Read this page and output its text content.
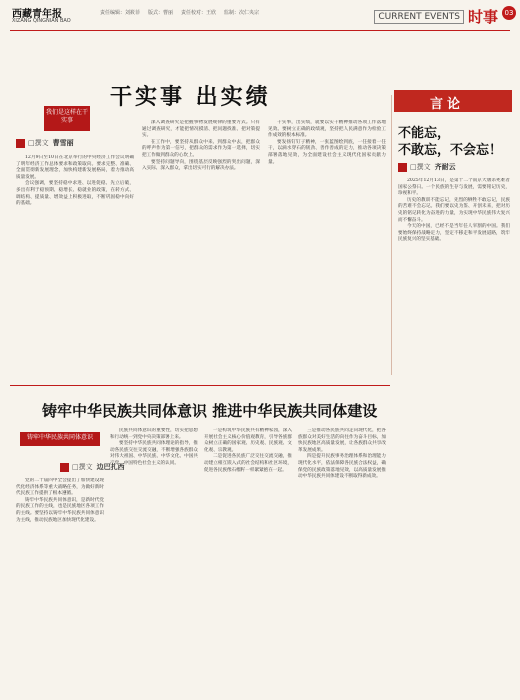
西藏青年报
XIZANG QINGNIAN BAO
责任编辑：刘筱菲 版式：曹丽 责任校对：王欣 监制：次仁央宗	CURRENT EVENTS 时事 03
干实事 出实绩
我们是这样在干实事
□撰文 曹雪丽

12月9日至10日在北京举行的中央经济工作会议明确了明年经济工作总体要求和政策取向。要求完整、准确、全面贯彻新发展理念，加快构建新发展格局，着力推动高质量发展。

会议强调，要坚持稳中求进、以进促稳、先立后破，多出有利于稳预期、稳增长、稳就业的政策，在转方式、调结构、提质量、增效益上积极进取，不断巩固稳中向好的基础。

深入调查研究是把握事物发展规律的重要方式。只有通过调查研究，才能把情况摸清、把问题找准、把对策提实。

在工作中，要坚持从群众中来、到群众中去，把群众的呼声作为第一信号，把群众的需求作为第一选择，切实把工作做到群众的心坎上。

要坚持问题导向，围绕基层反映强烈的突出问题，深入实际、深入群众，拿出切实可行的解决办法。

干实事，出实绩，就要以实干精神推动各项工作落地见效。要树立正确的政绩观，坚持把人民满意作为检验工作成效的根本标准。

要发扬钉钉子精神，一张蓝图绘到底，一任接着一任干，以滴水穿石的韧劲、善作善成的定力，推动各项决策部署落地见效，为全面建设社会主义现代化国家贡献力量。

言论
不能忘，
不敢忘，不会忘！
□撰文 齐耐云

2025年12月13日，是第十二个南京大屠杀死难者国家公祭日。一个民族的生存与发展，需要铭记历史，珍视和平。

历史的教训不能忘记，先烈的牺牲不敢忘记，民族的苦难不会忘记。我们要以史为鉴、开创未来，把对历史的铭记转化为奋进的力量，为实现中华民族伟大复兴而不懈奋斗。

今天的中国，已经不是当年任人宰割的中国。我们要始终保持战略定力，坚定不移走和平发展道路，筑牢民族复兴的坚实基础。

铸牢中华民族共同体意识 推进中华民族共同体建设
铸牢中华民族共同体意识
□撰文 边巴扎西

党的二十届四中全会提出了加快建设现代化经济体系等重大战略任务，为做好新时代民族工作提供了根本遵循。

铸牢中华民族共同体意识，是新时代党的民族工作的主线，也是民族地区各项工作的主线。要坚持以铸牢中华民族共同体意识为主线，推动民族地区加快现代化建设。

民族共同体意识的重要性，切实把思想和行动统一到党中央决策部署上来。

要坚持中华民族共同体理论的指导，推动各民族交往交流交融，不断增强各族群众对伟大祖国、中华民族、中华文化、中国共产党、中国特色社会主义的认同。

一是构筑中华民族共有精神家园，深入开展社会主义核心价值观教育，引导各族群众树立正确的国家观、历史观、民族观、文化观、宗教观。

二是促进各民族广泛交往交流交融，推动建立相互嵌入式的社会结构和社区环境，促进各民族像石榴籽一样紧紧抱在一起。

三是推动各民族共同走向现代化，把各族群众对美好生活的向往作为奋斗目标，加快民族地区高质量发展，让各族群众共享改革发展成果。

四是提升民族事务治理体系和治理能力现代化水平，依法保障各民族合法权益，确保党的民族政策落地见效，以高质量发展推动中华民族共同体建设不断取得新成效。
